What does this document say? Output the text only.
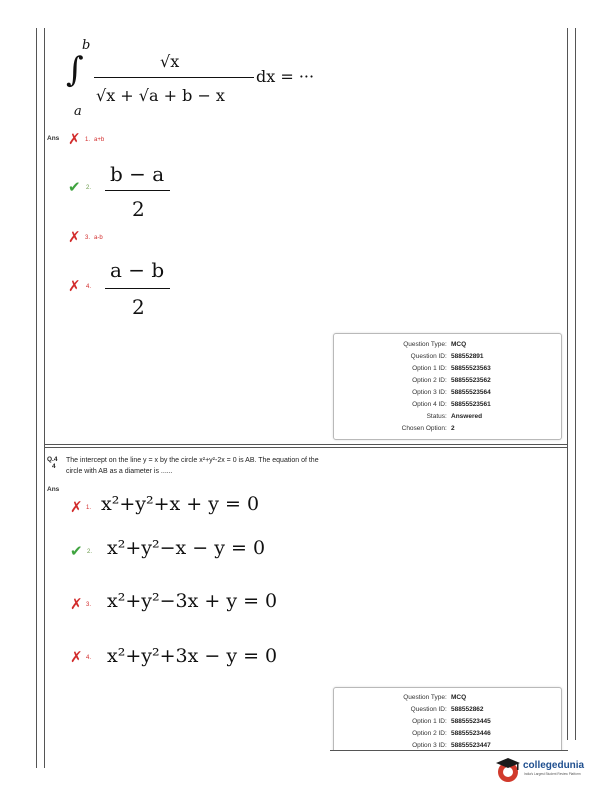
b
∫
a
√x
√x + √a + b − x
dx = ···
Ans ✗ 1. a+b
✔ 2.
b − a
2
✗ 3. a-b
✗ 4.
a − b
2
Question Type : MCQ
Question ID : 588552891
Option 1 ID : 58855523563
Option 2 ID : 58855523562
Option 3 ID : 58855523564
Option 4 ID : 58855523561
Status : Answered
Chosen Option : 2
Q.4
4
The intercept on the line y = x by the circle x²+y²-2x = 0 is AB. The equation of the
circle with AB as a diameter is ......
Ans
✗ 1. x²+y²+x + y = 0
✔ 2. x²+y²−x − y = 0
✗ 3. x²+y²−3x + y = 0
✗ 4. x²+y²+3x − y = 0
Question Type : MCQ
Question ID : 588552862
Option 1 ID : 58855523445
Option 2 ID : 58855523446
Option 3 ID : 58855523447
collegedunia
India's Largest Student Review Platform
